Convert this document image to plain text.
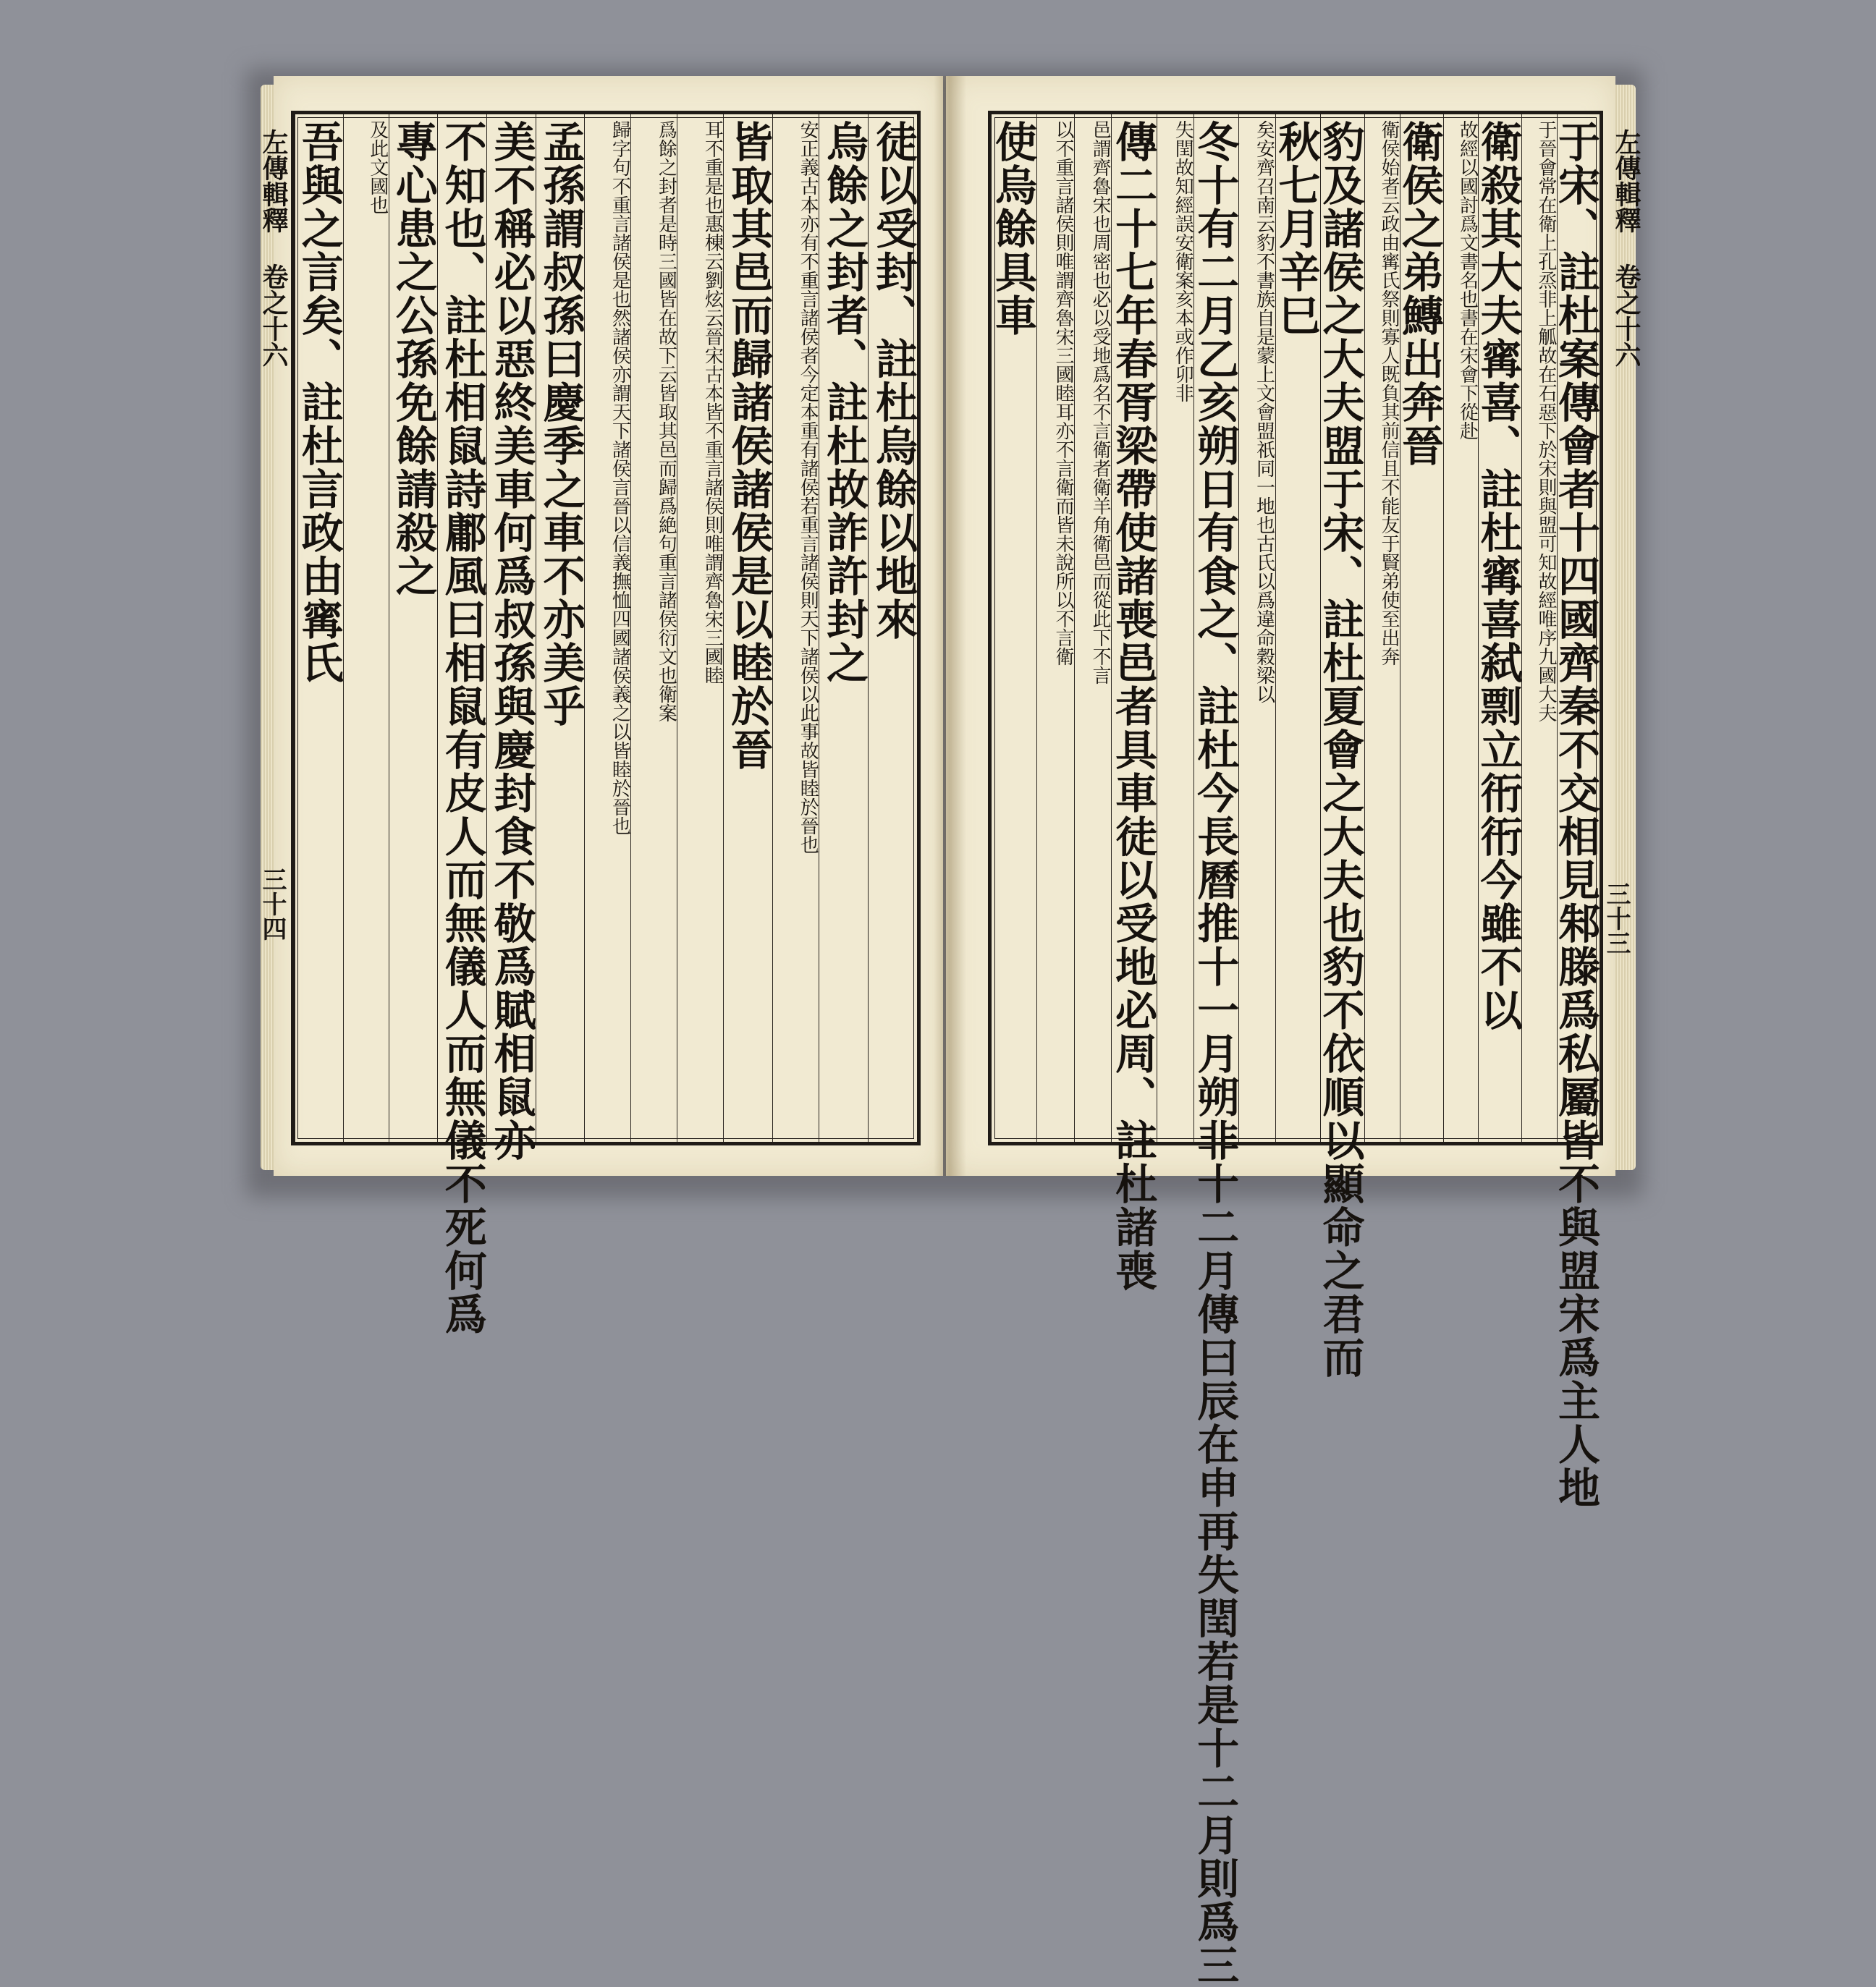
左傳輯釋 卷之十六
三十四
徒以受封、註杜烏餘以地來
烏餘之封者、註杜故詐許封之
安正義古本亦有不重言諸侯者今定本重有諸侯若重言諸侯則天下諸侯以此事故皆睦於晉也
皆取其邑而歸諸侯諸侯是以睦於晉
耳不重是也惠棟云劉炫云晉宋古本皆不重言諸侯則唯謂齊魯宋三國睦
爲餘之封者是時三國皆在故下云皆取其邑而歸爲絶句重言諸侯衍文也衛案
歸字句不重言諸侯是也然諸侯亦謂天下諸侯言晉以信義撫恤四國諸侯義之以皆睦於晉也
孟孫謂叔孫曰慶季之車不亦美乎
美不稱必以惡終美車何爲叔孫與慶封食不敬爲賦相鼠亦
不知也、註杜相鼠詩鄘風曰相鼠有皮人而無儀人而無儀不死何爲
專心患之公孫免餘請殺之
及此文國也
吾與之言矣、註杜言政由寗氏	左傳輯釋 卷之十六
三十三
于宋、註杜案傳會者十四國齊秦不交相見邾滕爲私屬皆不與盟宋爲主人地
于晉會常在衛上孔烝非上觚故在石惡下於宋則與盟可知故經唯序九國大夫
衛殺其大夫寗喜、註杜寗喜弑剽立衎衎今雖不以
故經以國討爲文書名也書在宋會下從赴
衛侯之弟鱄出奔晉
衛侯始者云政由寗氏祭則寡人既負其前信且不能友于賢弟使至出奔
豹及諸侯之大夫盟于宋、註杜夏會之大夫也豹不依順以顯命之君而
秋七月辛巳
矣安齊召南云豹不書族自是蒙上文會盟祇同一地也古氏以爲違命穀梁以
冬十有二月乙亥朔日有食之、註杜今長曆推十一月朔非十二月傳曰辰在申再失閏若是十二月則爲三
失閏故知經誤安衛案亥本或作卯非
傳二十七年春胥梁帶使諸喪邑者具車徒以受地必周、註杜諸喪
邑謂齊魯宋也周密也必以受地爲名不言衛者衛羊角衛邑而從此下不言
以不重言諸侯則唯謂齊魯宋三國睦耳亦不言衛而皆未說所以不言衛
使烏餘具車
